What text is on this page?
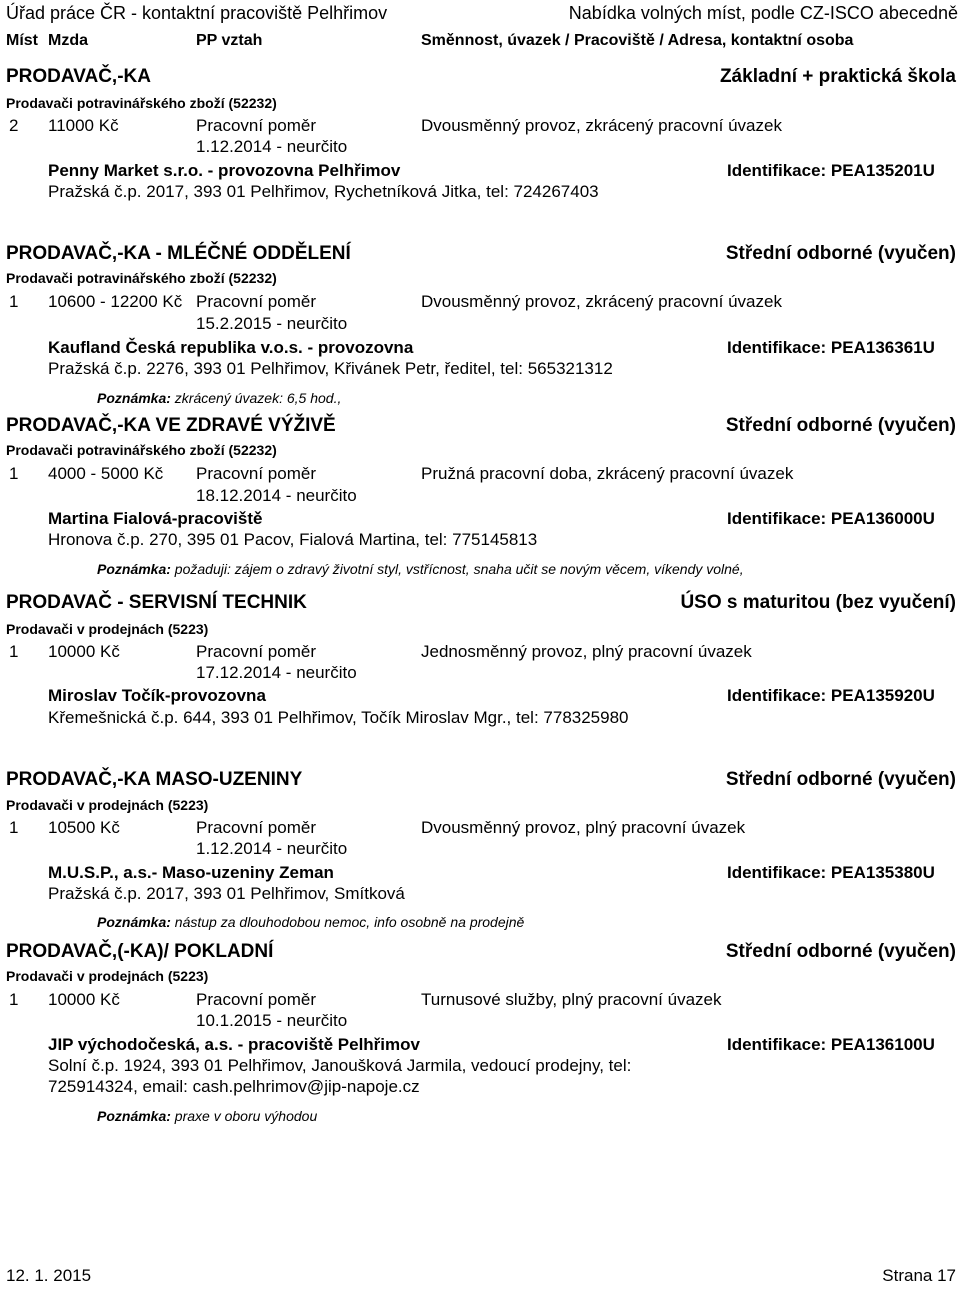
Úřad práce ČR - kontaktní pracoviště Pelhřimov	Nabídka volných míst, podle CZ-ISCO abecedně
Míst Mzda	PP vztah	Směnnost, úvazek / Pracoviště / Adresa, kontaktní osoba
PRODAVAČ,-KA	Základní + praktická škola
Prodavači potravinářského zboží (52232)
2 11000 Kč	Pracovní poměr	Dvousměnný provoz, zkrácený pracovní úvazek
1.12.2014 - neurčito
Penny Market s.r.o. - provozovna Pelhřimov	Identifikace: PEA135201U
Pražská č.p. 2017, 393 01 Pelhřimov, Rychetníková Jitka, tel: 724267403
PRODAVAČ,-KA - MLÉČNÉ ODDĚLENÍ	Střední odborné (vyučen)
Prodavači potravinářského zboží (52232)
1 10600 - 12200 Kč Pracovní poměr	Dvousměnný provoz, zkrácený pracovní úvazek
15.2.2015 - neurčito
Kaufland Česká republika v.o.s. - provozovna	Identifikace: PEA136361U
Pražská č.p. 2276, 393 01 Pelhřimov, Křivánek Petr, ředitel, tel: 565321312
Poznámka: zkrácený úvazek: 6,5 hod.,
PRODAVAČ,-KA VE ZDRAVÉ VÝŽIVĚ	Střední odborné (vyučen)
Prodavači potravinářského zboží (52232)
1 4000 - 5000 Kč Pracovní poměr	Pružná pracovní doba, zkrácený pracovní úvazek
18.12.2014 - neurčito
Martina Fialová-pracoviště	Identifikace: PEA136000U
Hronova č.p. 270, 395 01 Pacov, Fialová Martina, tel: 775145813
Poznámka: požaduji: zájem o zdravý životní styl, vstřícnost, snaha učit se novým věcem, víkendy volné,
PRODAVAČ - SERVISNÍ TECHNIK	ÚSO s maturitou (bez vyučení)
Prodavači v prodejnách (5223)
1 10000 Kč	Pracovní poměr	Jednosměnný provoz, plný pracovní úvazek
17.12.2014 - neurčito
Miroslav Točík-provozovna	Identifikace: PEA135920U
Křemešnická č.p. 644, 393 01 Pelhřimov, Točík Miroslav Mgr., tel: 778325980
PRODAVAČ,-KA MASO-UZENINY	Střední odborné (vyučen)
Prodavači v prodejnách (5223)
1 10500 Kč	Pracovní poměr	Dvousměnný provoz, plný pracovní úvazek
1.12.2014 - neurčito
M.U.S.P., a.s.- Maso-uzeniny Zeman	Identifikace: PEA135380U
Pražská č.p. 2017, 393 01 Pelhřimov, Smítková
Poznámka: nástup za dlouhodobou nemoc, info osobně na prodejně
PRODAVAČ,(-KA)/ POKLADNÍ	Střední odborné (vyučen)
Prodavači v prodejnách (5223)
1 10000 Kč	Pracovní poměr	Turnusové služby, plný pracovní úvazek
10.1.2015 - neurčito
JIP východočeská, a.s. - pracoviště Pelhřimov	Identifikace: PEA136100U
Solní č.p. 1924, 393 01 Pelhřimov, Janoušková Jarmila, vedoucí prodejny, tel:
725914324, email: cash.pelhrimov@jip-napoje.cz
Poznámka: praxe v oboru výhodou
12. 1. 2015	Strana 17
